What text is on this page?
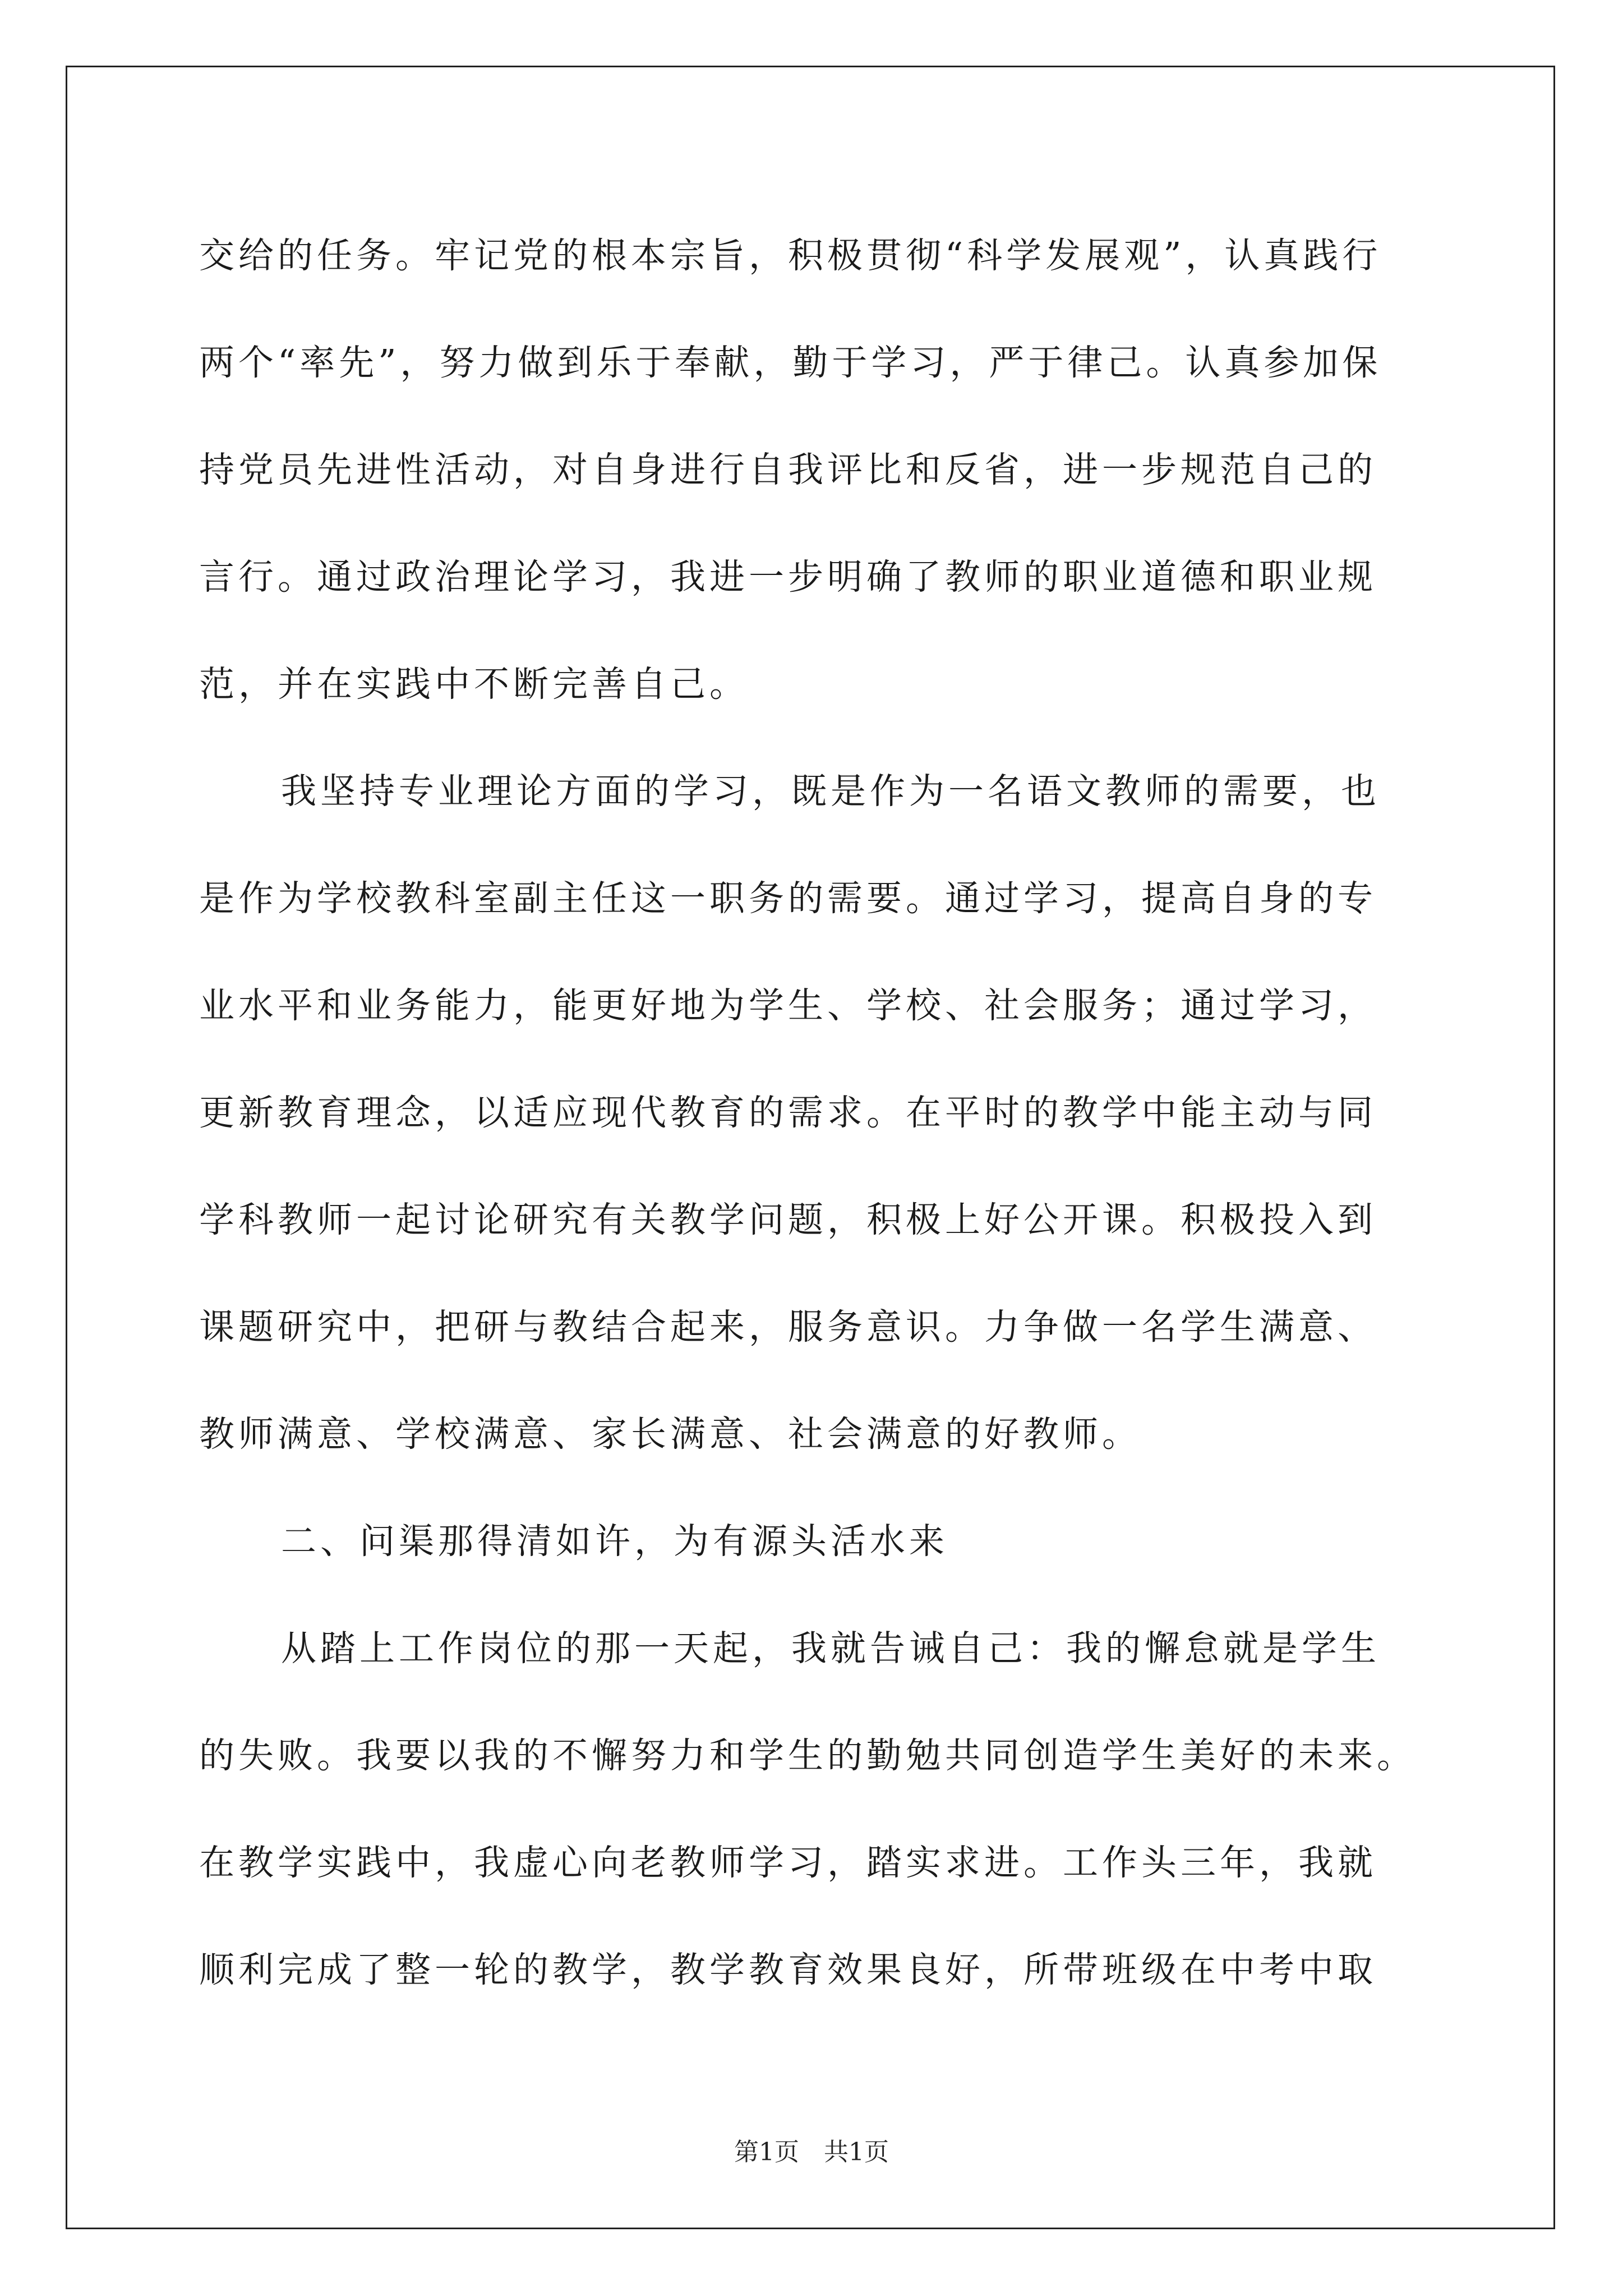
交给的任务。牢记党的根本宗旨，积极贯彻“科学发展观”，认真践行
两个“率先”，努力做到乐于奉献，勤于学习，严于律己。认真参加保
持党员先进性活动，对自身进行自我评比和反省，进一步规范自己的
言行。通过政治理论学习，我进一步明确了教师的职业道德和职业规
范，并在实践中不断完善自己。
我坚持专业理论方面的学习，既是作为一名语文教师的需要，也
是作为学校教科室副主任这一职务的需要。通过学习，提高自身的专
业水平和业务能力，能更好地为学生、学校、社会服务；通过学习，
更新教育理念，以适应现代教育的需求。在平时的教学中能主动与同
学科教师一起讨论研究有关教学问题，积极上好公开课。积极投入到
课题研究中，把研与教结合起来，服务意识。力争做一名学生满意、
教师满意、学校满意、家长满意、社会满意的好教师。
二、问渠那得清如许，为有源头活水来
从踏上工作岗位的那一天起，我就告诫自己：我的懈怠就是学生
的失败。我要以我的不懈努力和学生的勤勉共同创造学生美好的未来。
在教学实践中，我虚心向老教师学习，踏实求进。工作头三年，我就
顺利完成了整一轮的教学，教学教育效果良好，所带班级在中考中取
第1页　共1页
